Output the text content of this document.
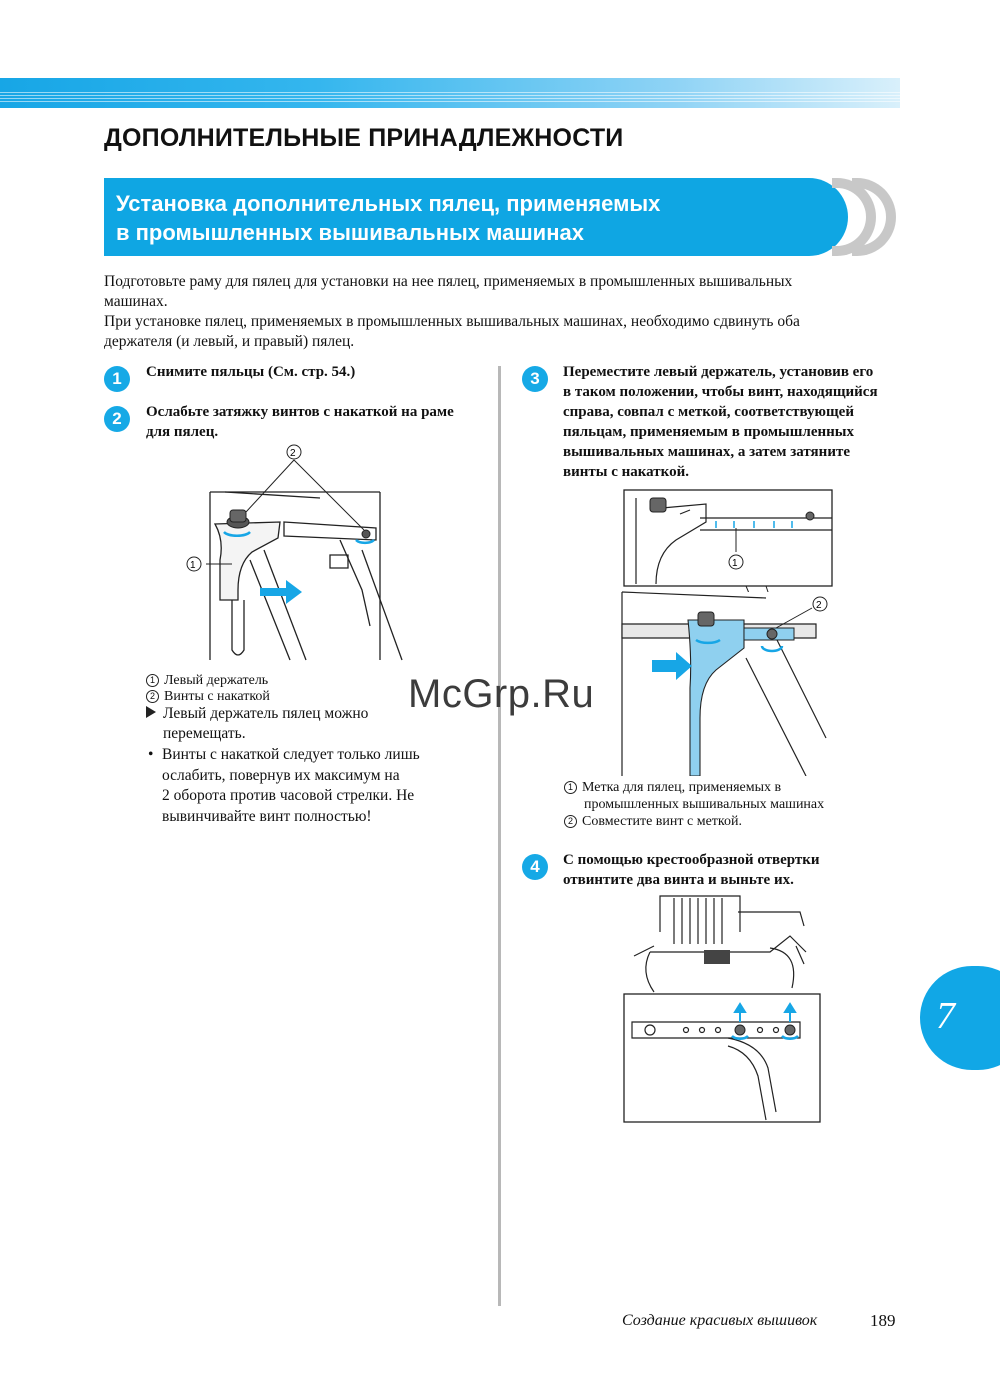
ДОПОЛНИТЕЛЬНЫЕ ПРИНАДЛЕЖНОСТИ
Установка дополнительных пялец, применяемых
в промышленных вышивальных машинах

Подготовьте раму для пялец для установки на нее пялец, применяемых в промышленных вышивальных

машинах.

При установке пялец, применяемых в промышленных вышивальных машинах, необходимо сдвинуть оба

держателя (и левый, и правый) пялец.

1	Снимите пяльцы (См. стр. 54.)
2	Ослабьте затяжку винтов с накаткой на раме
для пялец.
2
1
1 Левый держатель
2 Винты с накаткой
Левый держатель пялец можно
перемещать.
• Винты с накаткой следует только лишь
ослабить, повернув их максимум на
2 оборота против часовой стрелки. Не
вывинчивайте винт полностью!
3	Переместите левый держатель, установив его
в таком положении, чтобы винт, находящийся
справа, совпал с меткой, соответствующей
пяльцам, применяемым в промышленных
вышивальных машинах, а затем затяните
винты с накаткой.
1
2
1 Метка для пялец, применяемых в
промышленных вышивальных машинах
2 Совместите винт с меткой.
4	С помощью крестообразной отвертки
отвинтите два винта и выньте их.
7
McGrp.Ru
Создание красивых вышивок	189
